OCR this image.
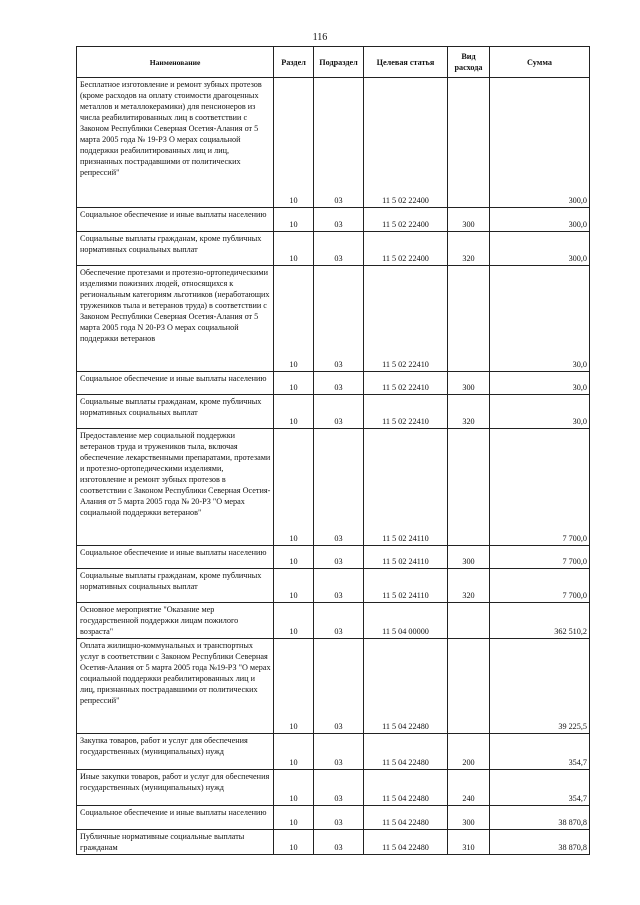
116
Наименование	Раздел	Подраздел	Целевая статья	Вид расхода	Сумма
Бесплатное изготовление и ремонт зубных протезов (кроме расходов на оплату стоимости драгоценных металлов и металлокерамики) для пенсионеров из числа реабилитированных лиц в соответствии с Законом Республики Северная Осетия-Алания от 5 марта 2005 года № 19-РЗ О мерах социальной поддержки реабилитированных лиц и лиц, признанных пострадавшими от политических репрессий"	10	03	11 5 02 22400		300,0
Социальное обеспечение и иные выплаты населению	10	03	11 5 02 22400	300	300,0
Социальные выплаты гражданам, кроме публичных нормативных социальных выплат	10	03	11 5 02 22400	320	300,0
Обеспечение протезами и протезно-ортопедическими изделиями пожизних людей, относящихся к региональным категориям льготников (неработающих тружеников тыла и ветеранов труда) в соответствии с Законом Республики Северная Осетия-Алания от 5 марта 2005 года N 20-РЗ О мерах социальной поддержки ветеранов	10	03	11 5 02 22410		30,0
Социальное обеспечение и иные выплаты населению	10	03	11 5 02 22410	300	30,0
Социальные выплаты гражданам, кроме публичных нормативных социальных выплат	10	03	11 5 02 22410	320	30,0
Предоставление мер социальной поддержки ветеранов труда и тружеников тыла, включая обеспечение лекарственными препаратами, протезами и протезно-ортопедическими изделиями, изготовление и ремонт зубных протезов в соответствии с Законом Республики Северная Осетия-Алания от 5 марта 2005 года № 20-РЗ "О мерах социальной поддержки ветеранов"	10	03	11 5 02 24110		7 700,0
Социальное обеспечение и иные выплаты населению	10	03	11 5 02 24110	300	7 700,0
Социальные выплаты гражданам, кроме публичных нормативных социальных выплат	10	03	11 5 02 24110	320	7 700,0
Основное мероприятие "Оказание мер государственной поддержки лицам пожилого возраста"	10	03	11 5 04 00000		362 510,2
Оплата жилищно-коммунальных и транспортных услуг в соответствии с Законом Республики Северная Осетия-Алания от 5 марта 2005 года №19-РЗ "О мерах социальной поддержки реабилитированных лиц и лиц, признанных пострадавшими от политических репрессий"	10	03	11 5 04 22480		39 225,5
Закупка товаров, работ и услуг для обеспечения государственных (муниципальных) нужд	10	03	11 5 04 22480	200	354,7
Иные закупки товаров, работ и услуг для обеспечения государственных (муниципальных) нужд	10	03	11 5 04 22480	240	354,7
Социальное обеспечение и иные выплаты населению	10	03	11 5 04 22480	300	38 870,8
Публичные нормативные социальные выплаты гражданам	10	03	11 5 04 22480	310	38 870,8
